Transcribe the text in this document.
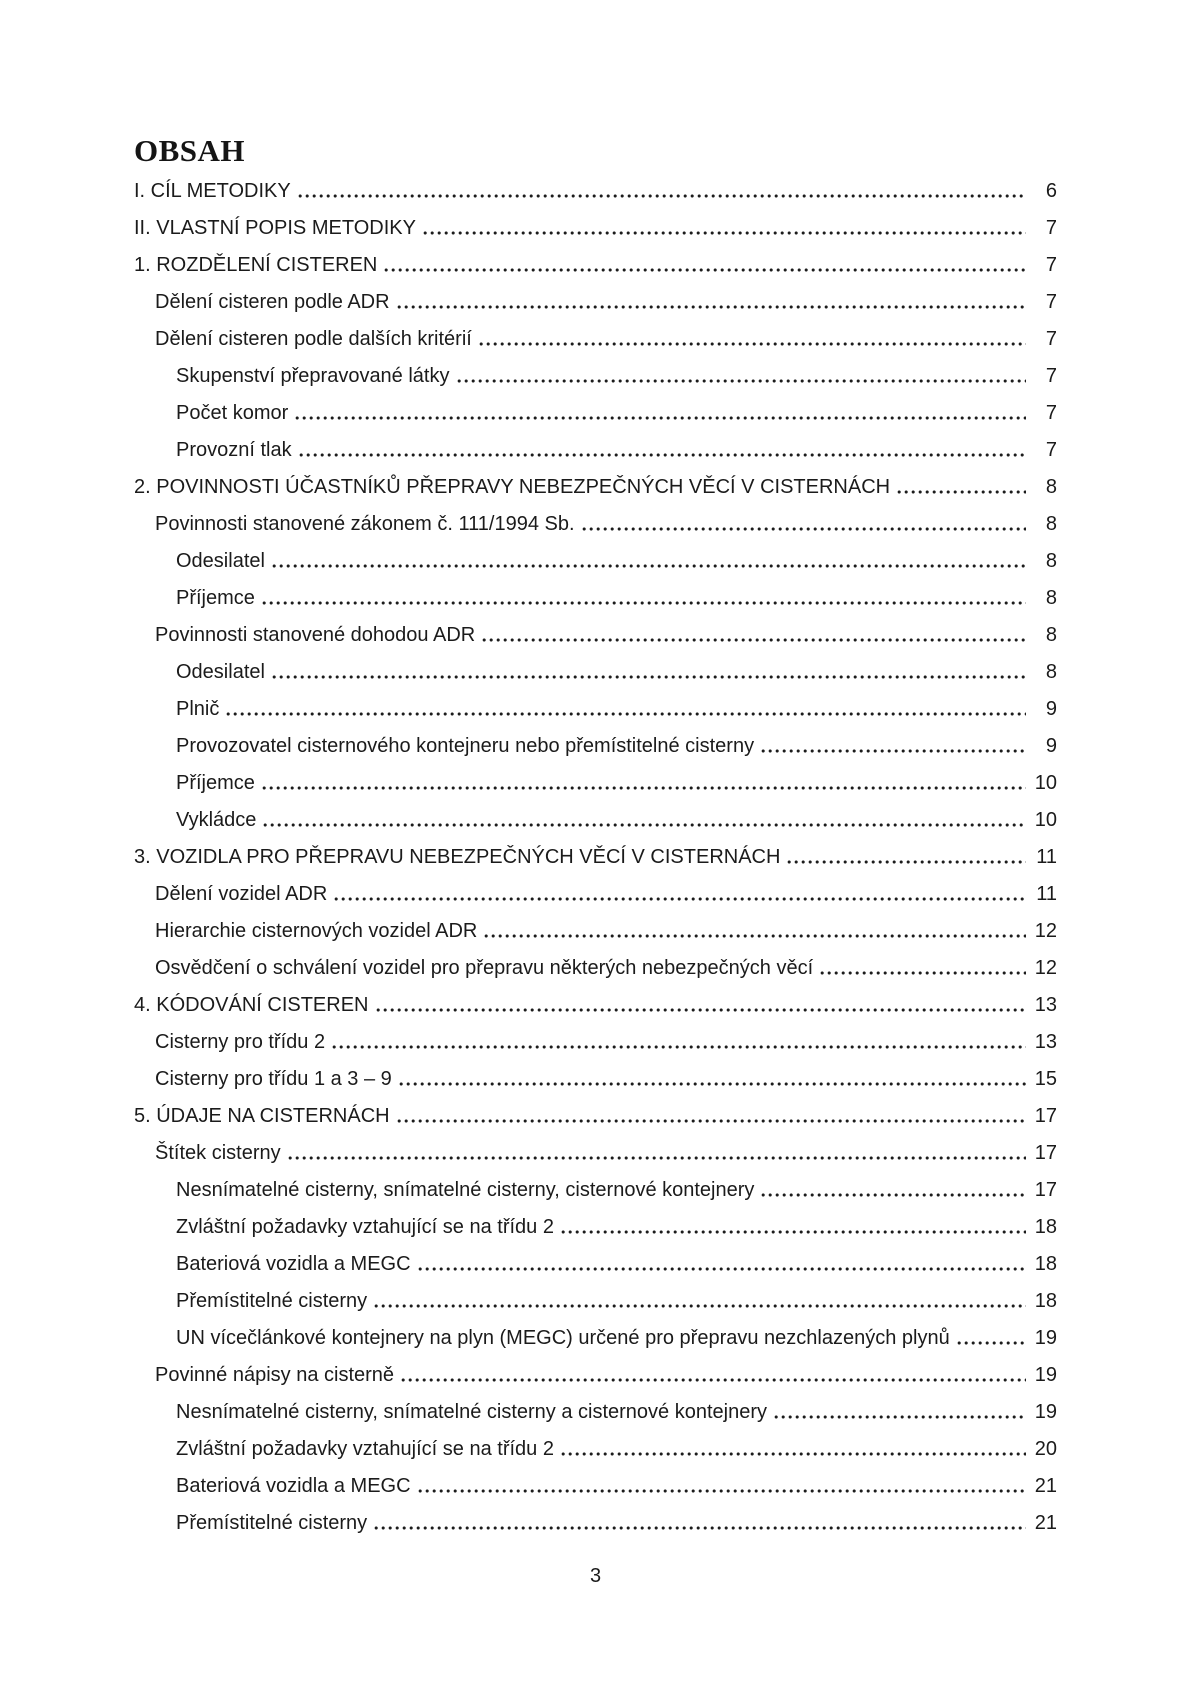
OBSAH
I. CÍL METODIKY	6
II. VLASTNÍ POPIS METODIKY	7
1. ROZDĚLENÍ CISTEREN	7
Dělení cisteren podle ADR	7
Dělení cisteren podle dalších kritérií	7
Skupenství přepravované látky	7
Počet komor	7
Provozní tlak	7
2. POVINNOSTI ÚČASTNÍKŮ PŘEPRAVY NEBEZPEČNÝCH VĚCÍ V CISTERNÁCH	8
Povinnosti stanovené zákonem č. 111/1994 Sb.	8
Odesilatel	8
Příjemce	8
Povinnosti stanovené dohodou ADR	8
Odesilatel	8
Plnič	9
Provozovatel cisternového kontejneru nebo přemístitelné cisterny	9
Příjemce	10
Vykládce	10
3. VOZIDLA PRO PŘEPRAVU NEBEZPEČNÝCH VĚCÍ V CISTERNÁCH	11
Dělení vozidel ADR	11
Hierarchie cisternových vozidel ADR	12
Osvědčení o schválení vozidel pro přepravu některých nebezpečných věcí	12
4. KÓDOVÁNÍ CISTEREN	13
Cisterny pro třídu 2	13
Cisterny pro třídu 1 a 3 – 9	15
5. ÚDAJE NA CISTERNÁCH	17
Štítek cisterny	17
Nesnímatelné cisterny, snímatelné cisterny, cisternové kontejnery	17
Zvláštní požadavky vztahující se na třídu 2	18
Bateriová vozidla a MEGC	18
Přemístitelné cisterny	18
UN vícečlánkové kontejnery na plyn (MEGC) určené pro přepravu nezchlazených plynů	19
Povinné nápisy na cisterně	19
Nesnímatelné cisterny, snímatelné cisterny a cisternové kontejnery	19
Zvláštní požadavky vztahující se na třídu 2	20
Bateriová vozidla a MEGC	21
Přemístitelné cisterny	21
3
